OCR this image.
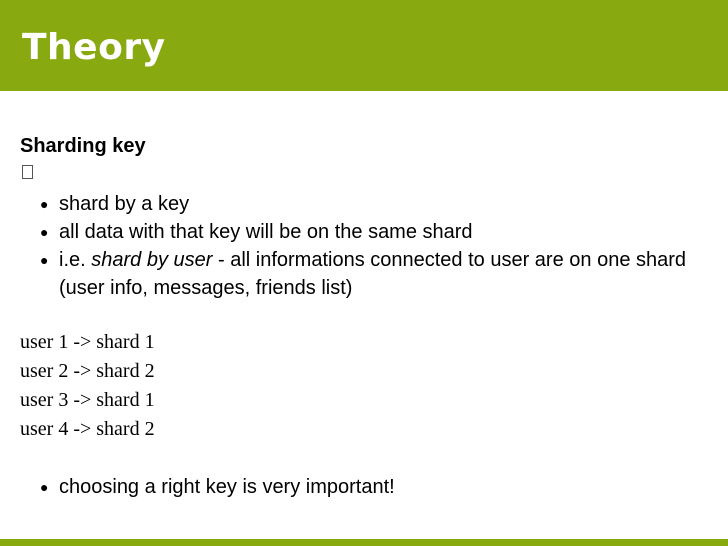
Theory
Sharding key
● shard by a key
● all data with that key will be on the same shard
● i.e. shard by user - all informations connected to user are on one shard (user info, messages, friends list)
user 1 -> shard 1
user 2 -> shard 2
user 3 -> shard 1
user 4 -> shard 2
● choosing a right key is very important!
